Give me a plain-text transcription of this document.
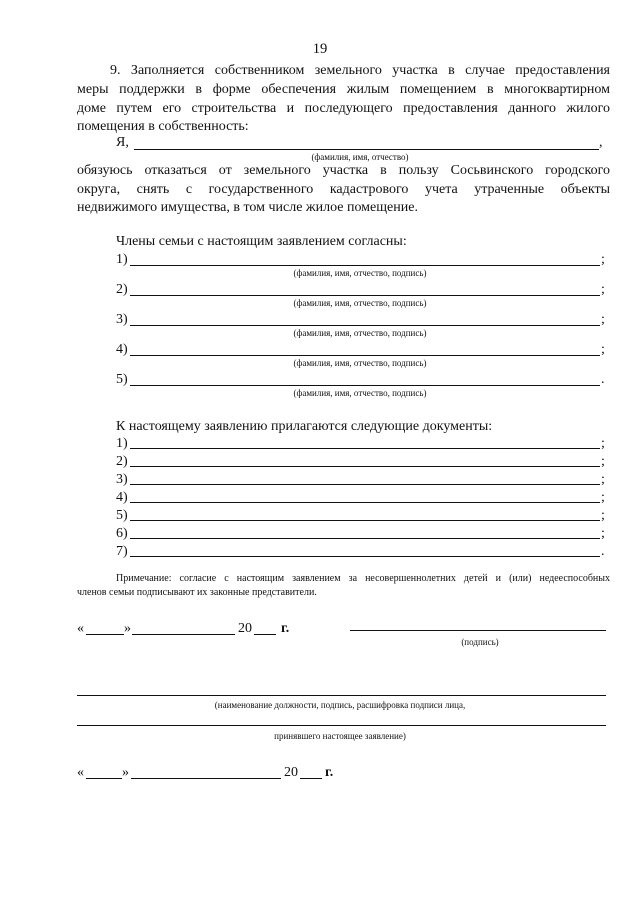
19
9. Заполняется собственником земельного участка в случае предоставления
меры поддержки в форме обеспечения жилым помещением в многоквартирном
доме путем его строительства и последующего предоставления данного жилого
помещения в собственность:
Я,	,
(фамилия, имя, отчество)
обязуюсь отказаться от земельного участка в пользу Сосьвинского городского
округа, снять с государственного кадастрового учета утраченные объекты
недвижимого имущества, в том числе жилое помещение.
Члены семьи с настоящим заявлением согласны:
1)	;
(фамилия, имя, отчество, подпись)
2)	;
(фамилия, имя, отчество, подпись)
3)	;
(фамилия, имя, отчество, подпись)
4)	;
(фамилия, имя, отчество, подпись)
5)	.
(фамилия, имя, отчество, подпись)
К настоящему заявлению прилагаются следующие документы:
1)	;
2)	;
3)	;
4)	;
5)	;
6)	;
7)	.
Примечание: согласие с настоящим заявлением за несовершеннолетних детей и (или) недееспособных
членов семьи подписывают их законные представители.
«	»	20 г.
(подпись)
(наименование должности, подпись, расшифровка подписи лица,
принявшего настоящее заявление)
«	»	20 г.
